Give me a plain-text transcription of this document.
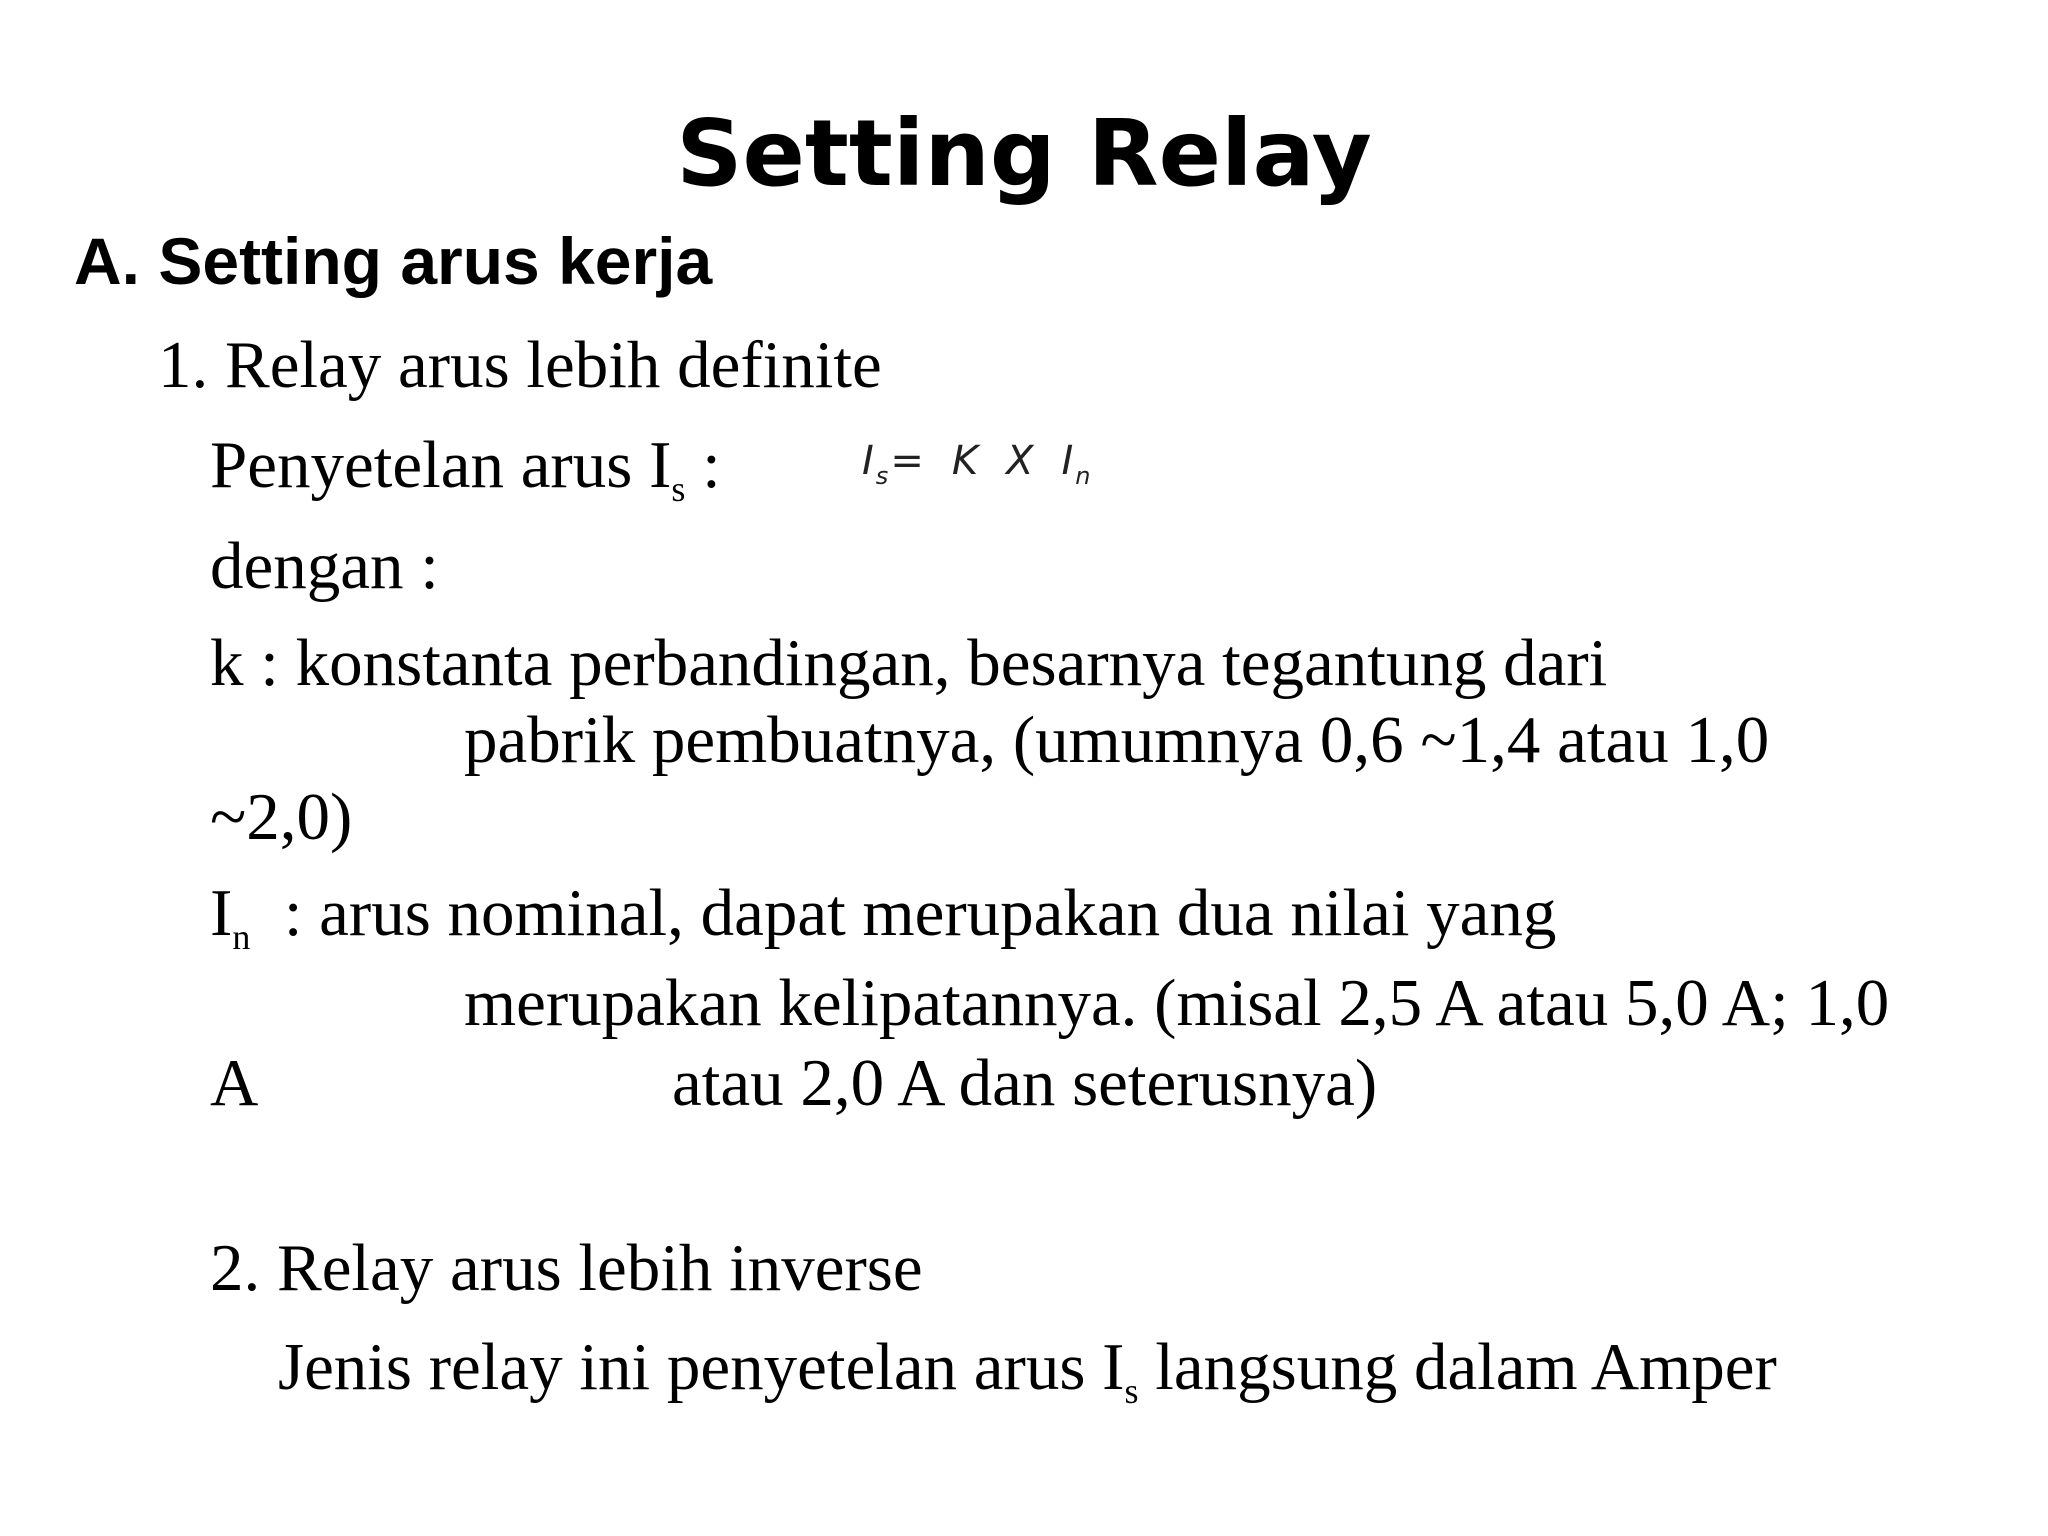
Setting Relay
A. Setting arus kerja
1. Relay arus lebih definite
Penyetelan arus $I_s$ :	$I_s= K$ X $I_n$
dengan :
k : konstanta perbandingan, besarnya tegantung dari
pabrik pembuatnya, (umumnya 0,6 ~1,4 atau 1,0
~2,0)
$I_n$  : arus nominal, dapat merupakan dua nilai yang
merupakan kelipatannya. (misal 2,5 A atau 5,0 A; 1,0
A	atau 2,0 A dan seterusnya)
2. Relay arus lebih inverse
Jenis relay ini penyetelan arus $I_s$ langsung dalam Amper
